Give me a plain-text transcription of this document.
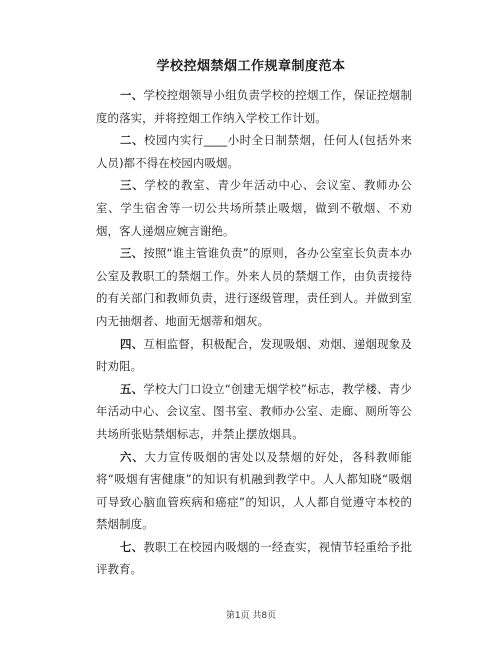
学校控烟禁烟工作规章制度范本

一、学校控烟领导小组负责学校的控烟工作，保证控烟制度的落实，并将控烟工作纳入学校工作计划。

二、校园内实行____小时全日制禁烟，任何人(包括外来人员)都不得在校园内吸烟。

三、学校的教室、青少年活动中心、会议室、教师办公室、学生宿舍等一切公共场所禁止吸烟，做到不敬烟、不劝烟，客人递烟应婉言谢绝。

三、按照“谁主管谁负责”的原则，各办公室室长负责本办公室及教职工的禁烟工作。外来人员的禁烟工作，由负责接待的有关部门和教师负责，进行逐级管理，责任到人。并做到室内无抽烟者、地面无烟蒂和烟灰。

四、互相监督，积极配合，发现吸烟、劝烟、递烟现象及时劝阻。

五、学校大门口设立“创建无烟学校”标志，教学楼、青少年活动中心、会议室、图书室、教师办公室、走廊、厕所等公共场所张贴禁烟标志，并禁止摆放烟具。

六、大力宣传吸烟的害处以及禁烟的好处，各科教师能将“吸烟有害健康”的知识有机融到教学中。人人都知晓“吸烟可导致心脑血管疾病和癌症”的知识，人人都自觉遵守本校的禁烟制度。

七、教职工在校园内吸烟的一经查实，视情节轻重给予批评教育。

第1页 共8页
